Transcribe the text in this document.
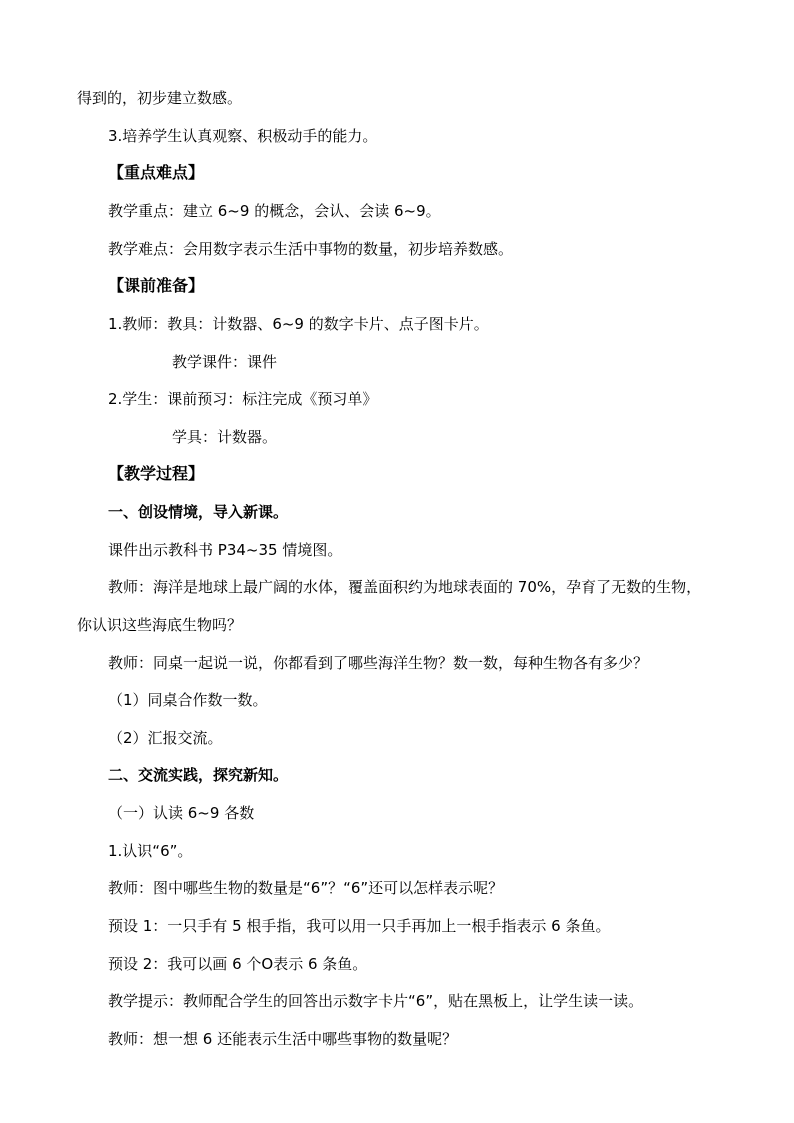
得到的，初步建立数感。
3.培养学生认真观察、积极动手的能力。
【重点难点】
教学重点：建立 6~9 的概念，会认、会读 6~9。
教学难点：会用数字表示生活中事物的数量，初步培养数感。
【课前准备】
1.教师：教具：计数器、6~9 的数字卡片、点子图卡片。
教学课件：课件
2.学生：课前预习：标注完成《预习单》
学具：计数器。
【教学过程】
一、创设情境，导入新课。
课件出示教科书 P34~35 情境图。
教师：海洋是地球上最广阔的水体，覆盖面积约为地球表面的 70%，孕育了无数的生物，
你认识这些海底生物吗？
教师：同桌一起说一说，你都看到了哪些海洋生物？数一数，每种生物各有多少？
（1）同桌合作数一数。
（2）汇报交流。
二、交流实践，探究新知。
（一）认读 6~9 各数
1.认识“6”。
教师：图中哪些生物的数量是“6”？“6”还可以怎样表示呢？
预设 1：一只手有 5 根手指，我可以用一只手再加上一根手指表示 6 条鱼。
预设 2：我可以画 6 个O表示 6 条鱼。
教学提示：教师配合学生的回答出示数字卡片“6”，贴在黑板上，让学生读一读。
教师：想一想 6 还能表示生活中哪些事物的数量呢？
